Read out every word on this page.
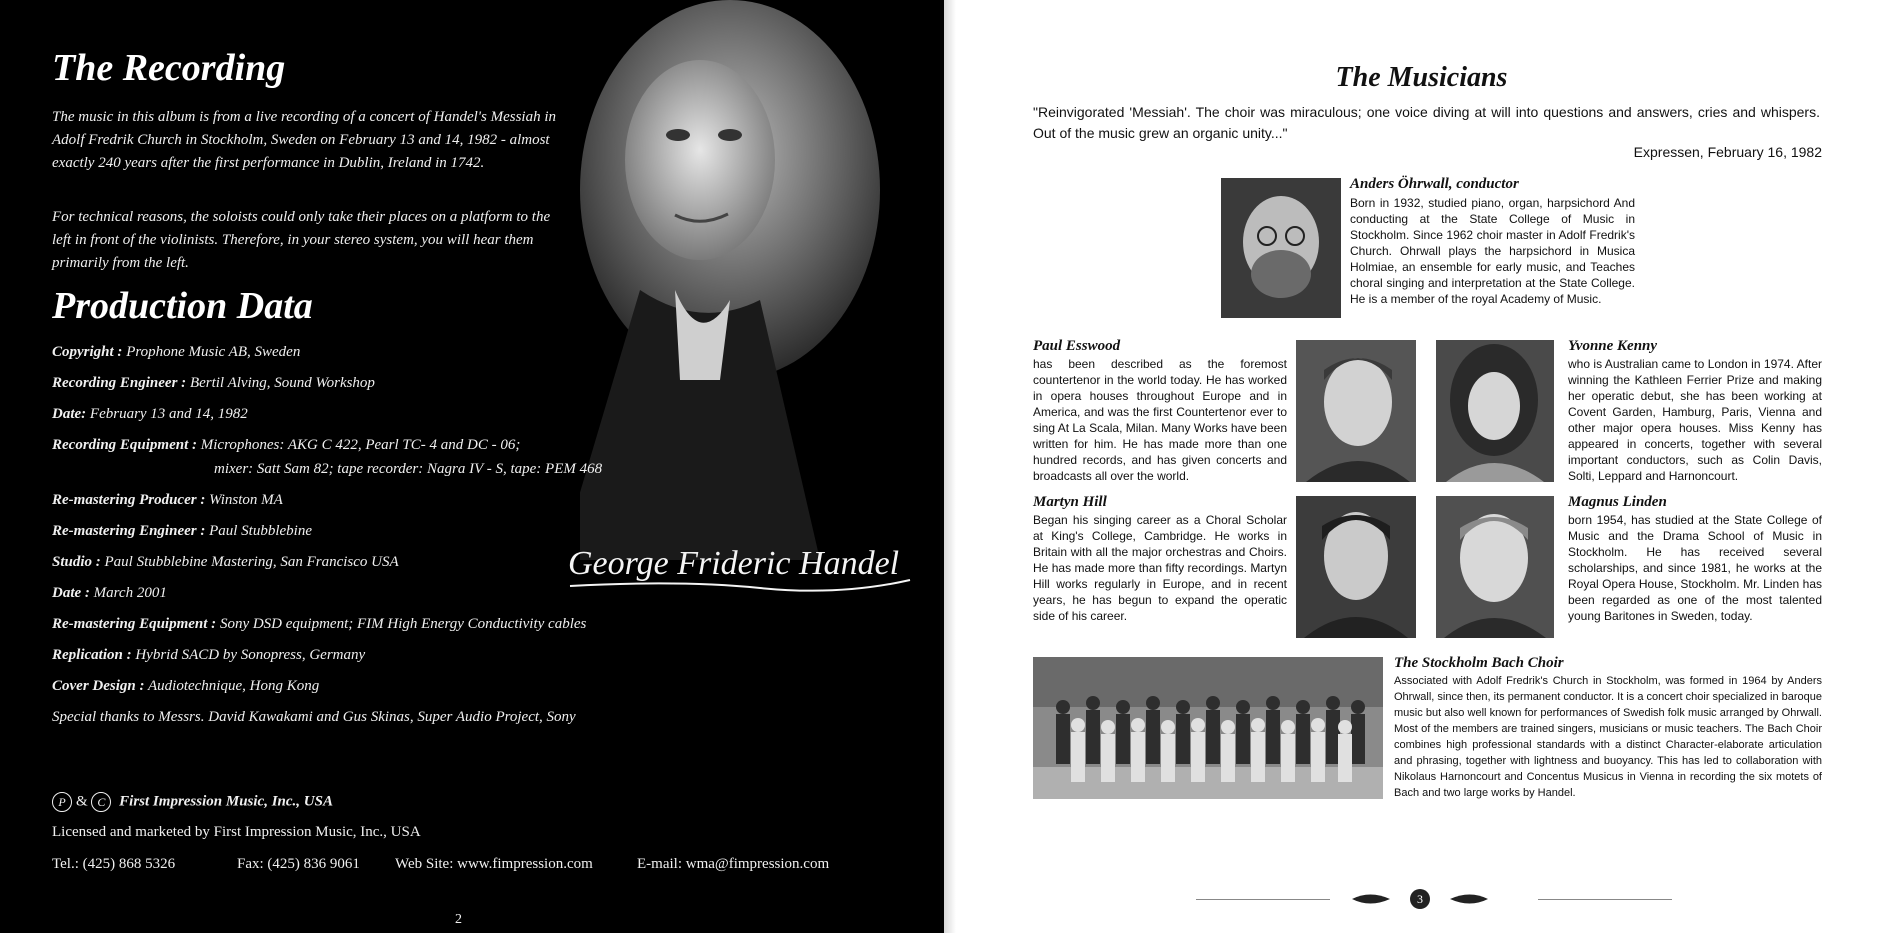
The Recording

The music in this album is from a live recording of a concert of Handel's Messiah in Adolf Fredrik Church in Stockholm, Sweden on February 13 and 14, 1982 - almost exactly 240 years after the first performance in Dublin, Ireland in 1742.

For technical reasons, the soloists could only take their places on a platform to the left in front of the violinists. Therefore, in your stereo system, you will hear them primarily from the left.

Production Data
Copyright : Prophone Music AB, Sweden
Recording Engineer : Bertil Alving, Sound Workshop
Date: February 13 and 14, 1982
Recording Equipment : Microphones: AKG C 422, Pearl TC- 4 and DC - 06;
mixer: Satt Sam 82; tape recorder: Nagra IV - S, tape: PEM 468
Re-mastering Producer : Winston MA
Re-mastering Engineer : Paul Stubblebine
Studio : Paul Stubblebine Mastering, San Francisco USA
Date : March 2001
Re-mastering Equipment : Sony DSD equipment; FIM High Energy Conductivity cables
Replication : Hybrid SACD by Sonopress, Germany
Cover Design : Audiotechnique, Hong Kong
Special thanks to Messrs. David Kawakami and Gus Skinas, Super Audio Project, Sony
George Frideric Handel
P & C First Impression Music, Inc., USA
Licensed and marketed by First Impression Music, Inc., USA
Tel.: (425) 868 5326	Fax: (425) 836 9061 Web Site: www.fimpression.com	E-mail: wma@fimpression.com
2
The Musicians

"Reinvigorated 'Messiah'. The choir was miraculous; one voice diving at will into questions and answers, cries and whispers. Out of the music grew an organic unity..."

Expressen, February 16, 1982
Anders Öhrwall, conductor

Born in 1932, studied piano, organ, harpsichord And conducting at the State College of Music in Stockholm. Since 1962 choir master in Adolf Fredrik's Church. Ohrwall plays the harpsichord in Musica Holmiae, an ensemble for early music, and Teaches choral singing and interpretation at the State College. He is a member of the royal Academy of Music.

Paul Esswood

has been described as the foremost countertenor in the world today. He has worked in opera houses throughout Europe and in America, and was the first Countertenor ever to sing At La Scala, Milan. Many Works have been written for him. He has made more than one hundred records, and has given concerts and broadcasts all over the world.

Yvonne Kenny

who is Australian came to London in 1974. After winning the Kathleen Ferrier Prize and making her operatic debut, she has been working at Covent Garden, Hamburg, Paris, Vienna and other major opera houses. Miss Kenny has appeared in concerts, together with several important conductors, such as Colin Davis, Solti, Leppard and Harnoncourt.

Martyn Hill

Began his singing career as a Choral Scholar at King's College, Cambridge. He works in Britain with all the major orchestras and Choirs. He has made more than fifty recordings. Martyn Hill works regularly in Europe, and in recent years, he has begun to expand the operatic side of his career.

Magnus Linden

born 1954, has studied at the State College of Music and the Drama School of Music in Stockholm. He has received several scholarships, and since 1981, he works at the Royal Opera House, Stockholm. Mr. Linden has been regarded as one of the most talented young Baritones in Sweden, today.

The Stockholm Bach Choir

Associated with Adolf Fredrik's Church in Stockholm, was formed in 1964 by Anders Ohrwall, since then, its permanent conductor. It is a concert choir specialized in baroque music but also well known for performances of Swedish folk music arranged by Ohrwall. Most of the members are trained singers, musicians or music teachers. The Bach Choir combines high professional standards with a distinct Character-elaborate articulation and phrasing, together with lightness and buoyancy. This has led to collaboration with Nikolaus Harnoncourt and Concentus Musicus in Vienna in recording the six motets of Bach and two large works by Handel.

3
